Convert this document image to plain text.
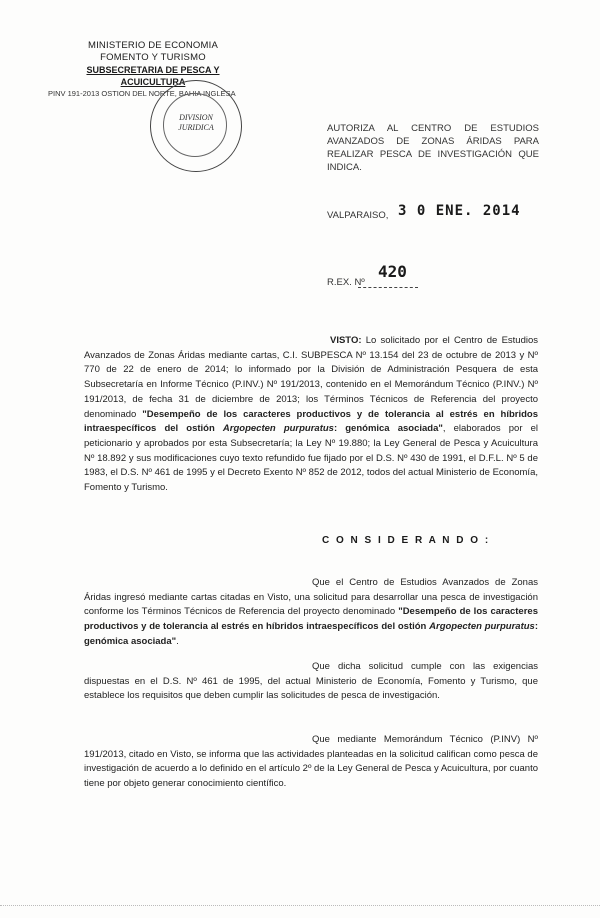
MINISTERIO DE ECONOMIA
FOMENTO Y TURISMO
SUBSECRETARIA DE PESCA Y ACUICULTURA
PINV 191-2013 OSTION DEL NORTE, BAHIA INGLESA
DIVISION
JURIDICA	AUTORIZA AL CENTRO DE ESTUDIOS AVANZADOS DE ZONAS ÁRIDAS PARA REALIZAR PESCA DE INVESTIGACIÓN QUE INDICA.
VALPARAISO, 3 0 ENE. 2014
R.EX. Nº
420
VISTO: Lo solicitado por el Centro de Estudios Avanzados de Zonas Áridas mediante cartas, C.I. SUBPESCA Nº 13.154 del 23 de octubre de 2013 y Nº 770 de 22 de enero de 2014; lo informado por la División de Administración Pesquera de esta Subsecretaría en Informe Técnico (P.INV.) Nº 191/2013, contenido en el Memorándum Técnico (P.INV.) Nº 191/2013, de fecha 31 de diciembre de 2013; los Términos Técnicos de Referencia del proyecto denominado "Desempeño de los caracteres productivos y de tolerancia al estrés en híbridos intraespecíficos del ostión Argopecten purpuratus: genómica asociada", elaborados por el peticionario y aprobados por esta Subsecretaría; la Ley Nº 19.880; la Ley General de Pesca y Acuicultura Nº 18.892 y sus modificaciones cuyo texto refundido fue fijado por el D.S. Nº 430 de 1991, el D.F.L. Nº 5 de 1983, el D.S. Nº 461 de 1995 y el Decreto Exento Nº 852 de 2012, todos del actual Ministerio de Economía, Fomento y Turismo.
C O N S I D E R A N D O :
Que el Centro de Estudios Avanzados de Zonas Áridas ingresó mediante cartas citadas en Visto, una solicitud para desarrollar una pesca de investigación conforme los Términos Técnicos de Referencia del proyecto denominado "Desempeño de los caracteres productivos y de tolerancia al estrés en híbridos intraespecíficos del ostión Argopecten purpuratus: genómica asociada".
Que dicha solicitud cumple con las exigencias dispuestas en el D.S. Nº 461 de 1995, del actual Ministerio de Economía, Fomento y Turismo, que establece los requisitos que deben cumplir las solicitudes de pesca de investigación.
Que mediante Memorándum Técnico (P.INV) Nº 191/2013, citado en Visto, se informa que las actividades planteadas en la solicitud califican como pesca de investigación de acuerdo a lo definido en el artículo 2º de la Ley General de Pesca y Acuicultura, por cuanto tiene por objeto generar conocimiento científico.
